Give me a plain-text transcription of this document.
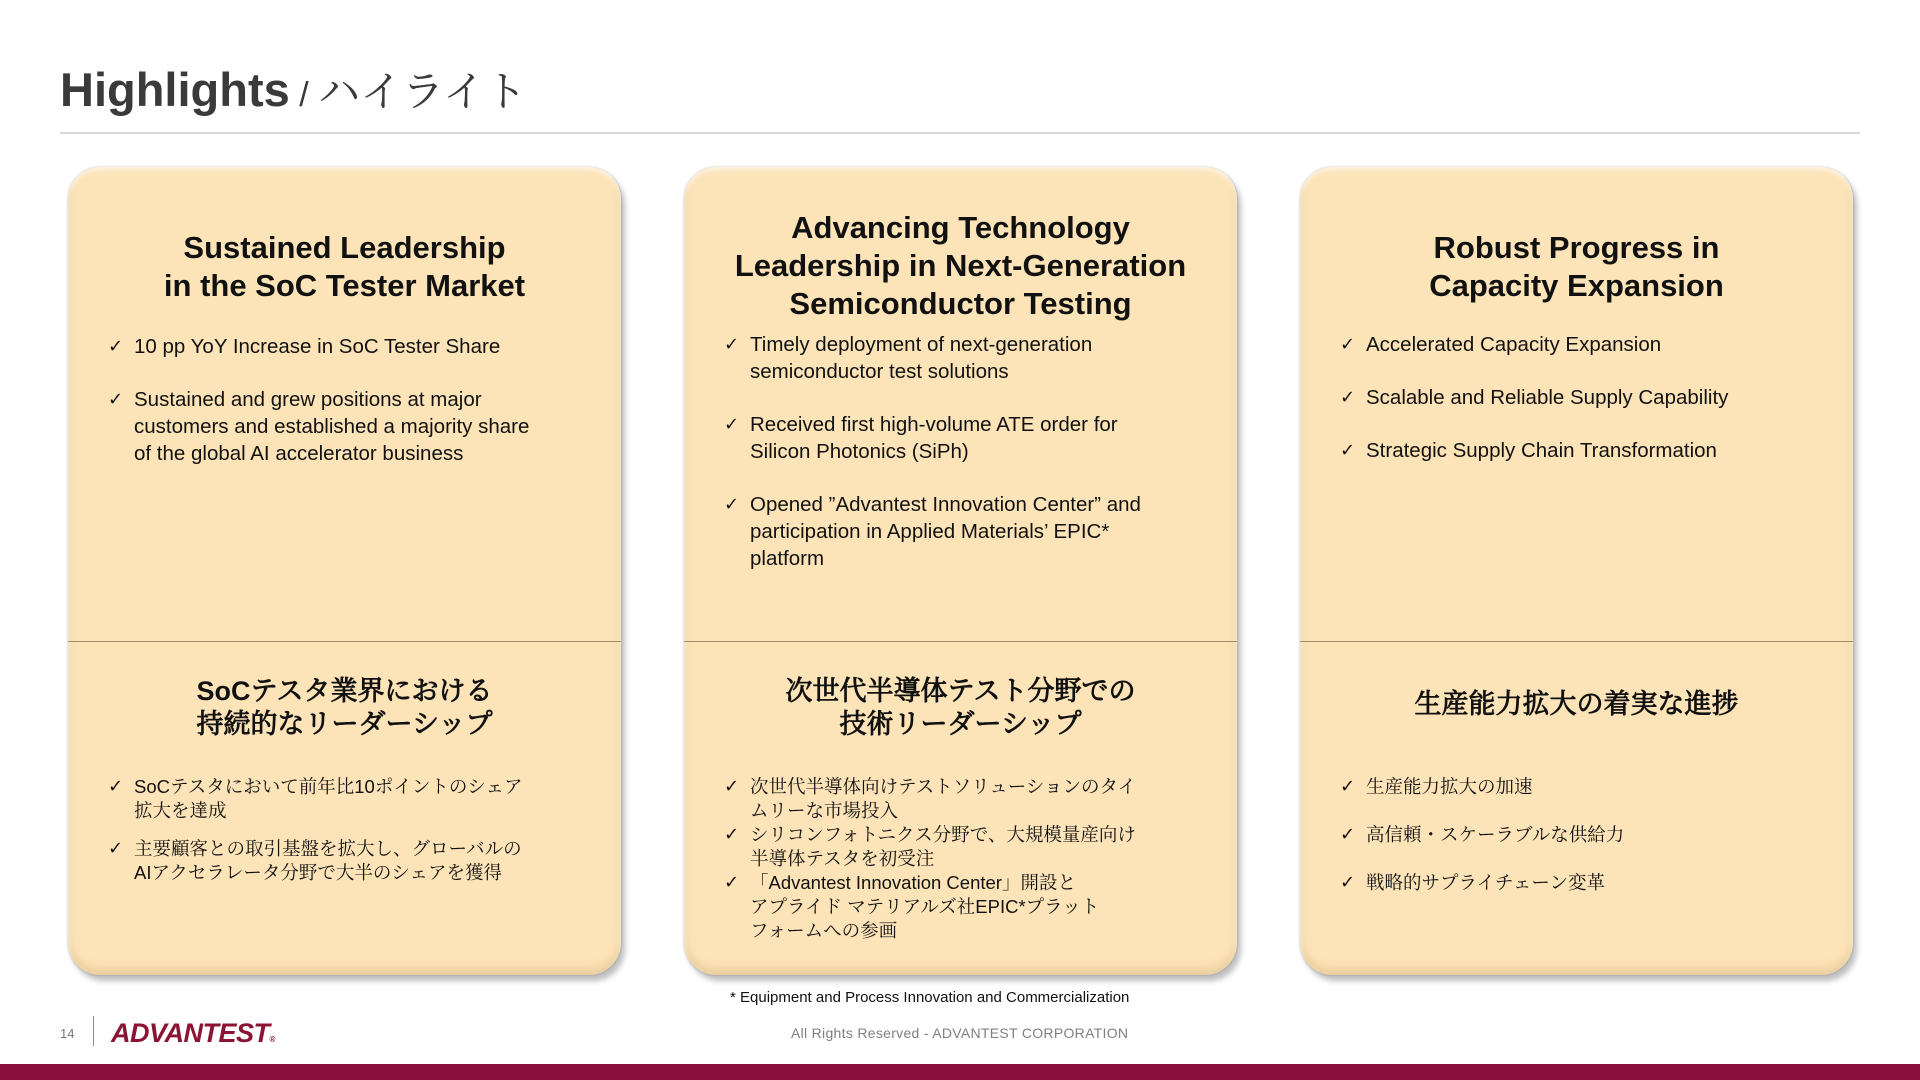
Highlights / ハイライト
Sustained Leadership
in the SoC Tester Market
✓ 10 pp YoY Increase in SoC Tester Share
✓ Sustained and grew positions at major
customers and established a majority share
of the global AI accelerator business
SoCテスタ業界における
持続的なリーダーシップ
✓ SoCテスタにおいて前年比10ポイントのシェア
拡大を達成
✓ 主要顧客との取引基盤を拡大し、グローバルの
AIアクセラレータ分野で大半のシェアを獲得
Advancing Technology
Leadership in Next-Generation
Semiconductor Testing
✓ Timely deployment of next-generation
semiconductor test solutions
✓ Received first high-volume ATE order for
Silicon Photonics (SiPh)
✓ Opened ”Advantest Innovation Center” and
participation in Applied Materials’ EPIC*
platform
次世代半導体テスト分野での
技術リーダーシップ
✓ 次世代半導体向けテストソリューションのタイ
ムリーな市場投入
✓ シリコンフォトニクス分野で、大規模量産向け
半導体テスタを初受注
✓ 「Advantest Innovation Center」開設と
アプライド マテリアルズ社EPIC*プラット
フォームへの参画
Robust Progress in
Capacity Expansion
✓ Accelerated Capacity Expansion
✓ Scalable and Reliable Supply Capability
✓ Strategic Supply Chain Transformation
生産能力拡大の着実な進捗
✓ 生産能力拡大の加速
✓ 高信頼・スケーラブルな供給力
✓ 戦略的サプライチェーン変革
* Equipment and Process Innovation and Commercialization
14 ADVANTEST®	All Rights Reserved - ADVANTEST CORPORATION
